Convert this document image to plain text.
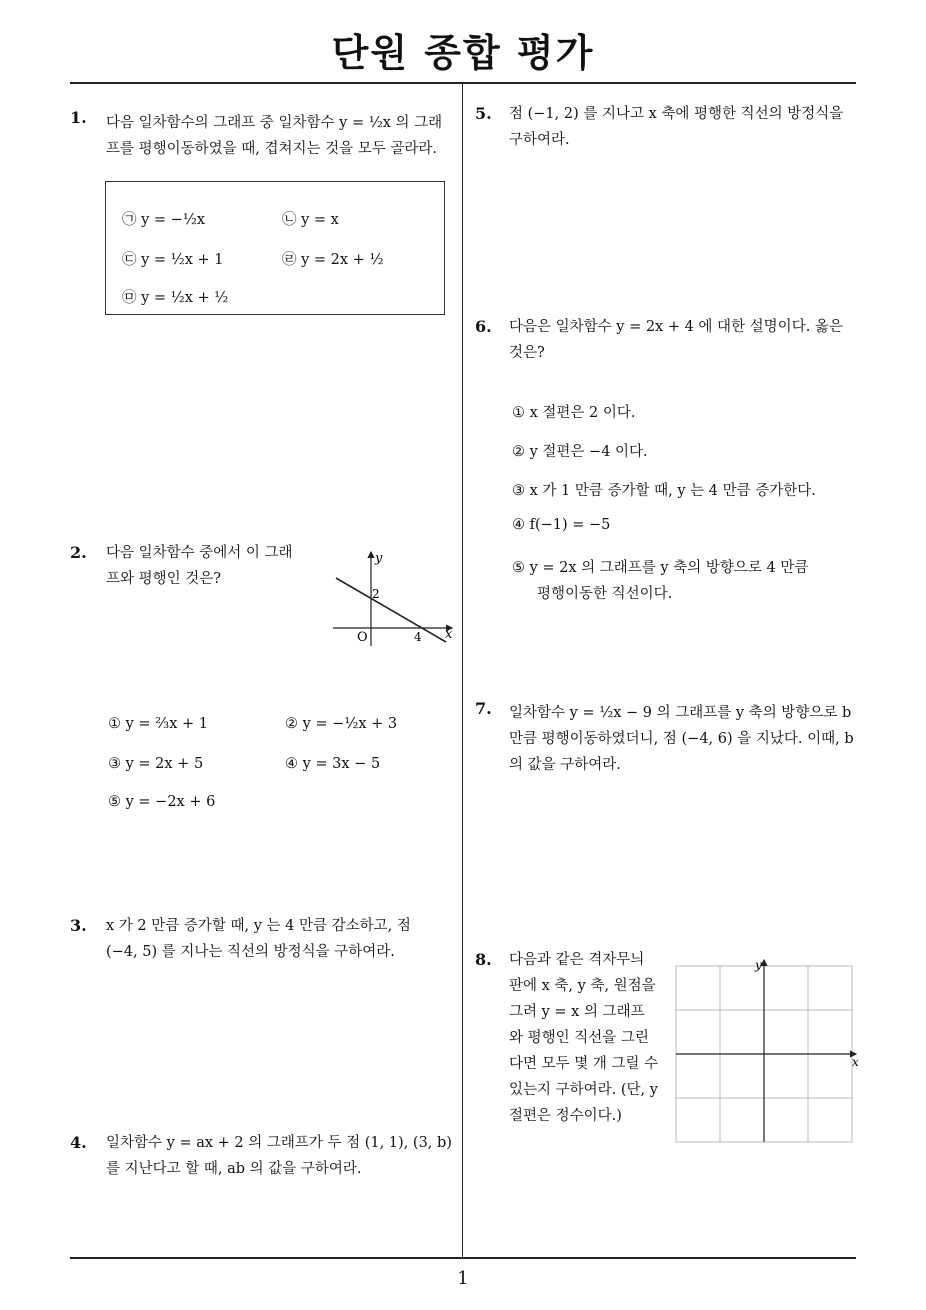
단원 종합 평가
1
1. 다음 일차함수의 그래프 중 일차함수 y = ½x 의 그래
프를 평행이동하였을 때, 겹쳐지는 것을 모두 골라라.
㉠ y = −½x	㉡ y = x
㉢ y = ½x + 1	㉣ y = 2x + ½
㉤ y = ½x + ½
2. 다음 일차함수 중에서 이 그래
프와 평행인 것은?
y
x
O
2
4
① y = ⅔x + 1	② y = −½x + 3
③ y = 2x + 5	④ y = 3x − 5
⑤ y = −2x + 6
3. x 가 2 만큼 증가할 때, y 는 4 만큼 감소하고, 점
(−4, 5) 를 지나는 직선의 방정식을 구하여라.
4. 일차함수 y = ax + 2 의 그래프가 두 점 (1, 1), (3, b)
를 지난다고 할 때, ab 의 값을 구하여라.
5. 점 (−1, 2) 를 지나고 x 축에 평행한 직선의 방정식을
구하여라.
6. 다음은 일차함수 y = 2x + 4 에 대한 설명이다. 옳은
것은?
① x 절편은 2 이다.
② y 절편은 −4 이다.
③ x 가 1 만큼 증가할 때, y 는 4 만큼 증가한다.
④ f(−1) = −5
⑤ y = 2x 의 그래프를 y 축의 방향으로 4 만큼
평행이동한 직선이다.
7. 일차함수 y = ½x − 9 의 그래프를 y 축의 방향으로 b
만큼 평행이동하였더니, 점 (−4, 6) 을 지났다. 이때, b
의 값을 구하여라.
8. 다음과 같은 격자무늬
판에 x 축, y 축, 원점을
그려 y = x 의 그래프
와 평행인 직선을 그린
다면 모두 몇 개 그릴 수
있는지 구하여라. (단, y
절편은 정수이다.)
x
y
